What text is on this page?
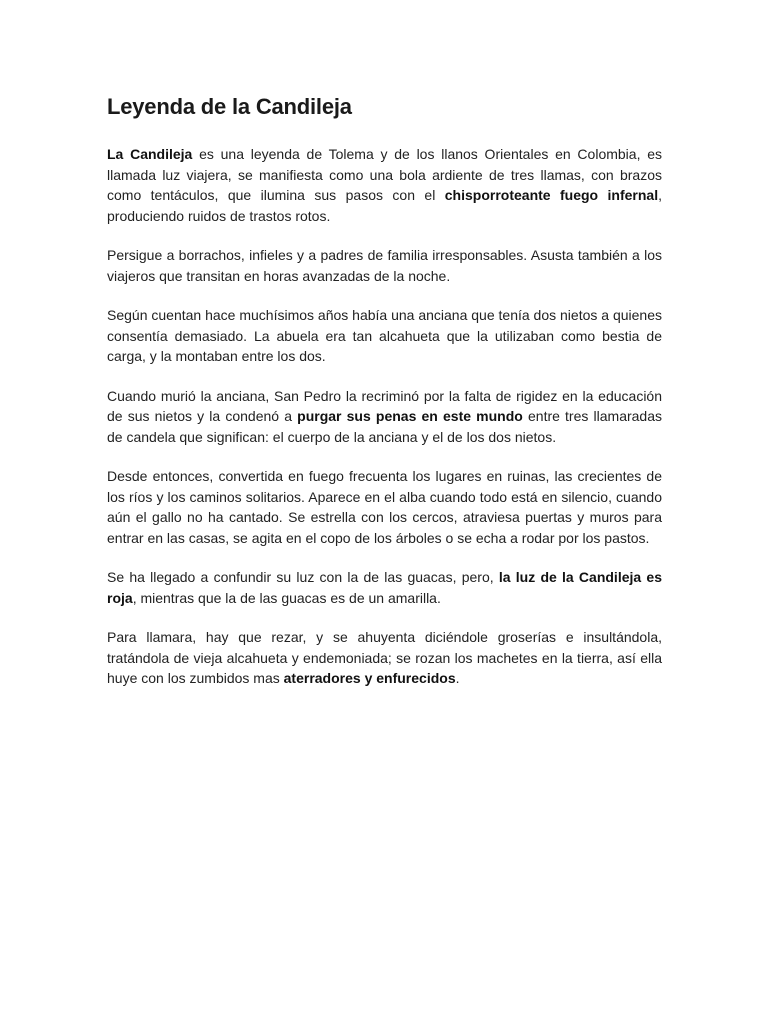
Leyenda de la Candileja

La Candileja es una leyenda de Tolema y de los llanos Orientales en Colombia, es llamada luz viajera, se manifiesta como una bola ardiente de tres llamas, con brazos como tentáculos, que ilumina sus pasos con el chisporroteante fuego infernal, produciendo ruidos de trastos rotos.

Persigue a borrachos, infieles y a padres de familia irresponsables. Asusta también a los viajeros que transitan en horas avanzadas de la noche.

Según cuentan hace muchísimos años había una anciana que tenía dos nietos a quienes consentía demasiado. La abuela era tan alcahueta que la utilizaban como bestia de carga, y la montaban entre los dos.

Cuando murió la anciana, San Pedro la recriminó por la falta de rigidez en la educación de sus nietos y la condenó a purgar sus penas en este mundo entre tres llamaradas de candela que significan: el cuerpo de la anciana y el de los dos nietos.

Desde entonces, convertida en fuego frecuenta los lugares en ruinas, las crecientes de los ríos y los caminos solitarios. Aparece en el alba cuando todo está en silencio, cuando aún el gallo no ha cantado. Se estrella con los cercos, atraviesa puertas y muros para entrar en las casas, se agita en el copo de los árboles o se echa a rodar por los pastos.

Se ha llegado a confundir su luz con la de las guacas, pero, la luz de la Candileja es roja, mientras que la de las guacas es de un amarilla.

Para llamara, hay que rezar, y se ahuyenta diciéndole groserías e insultándola, tratándola de vieja alcahueta y endemoniada; se rozan los machetes en la tierra, así ella huye con los zumbidos mas aterradores y enfurecidos.
